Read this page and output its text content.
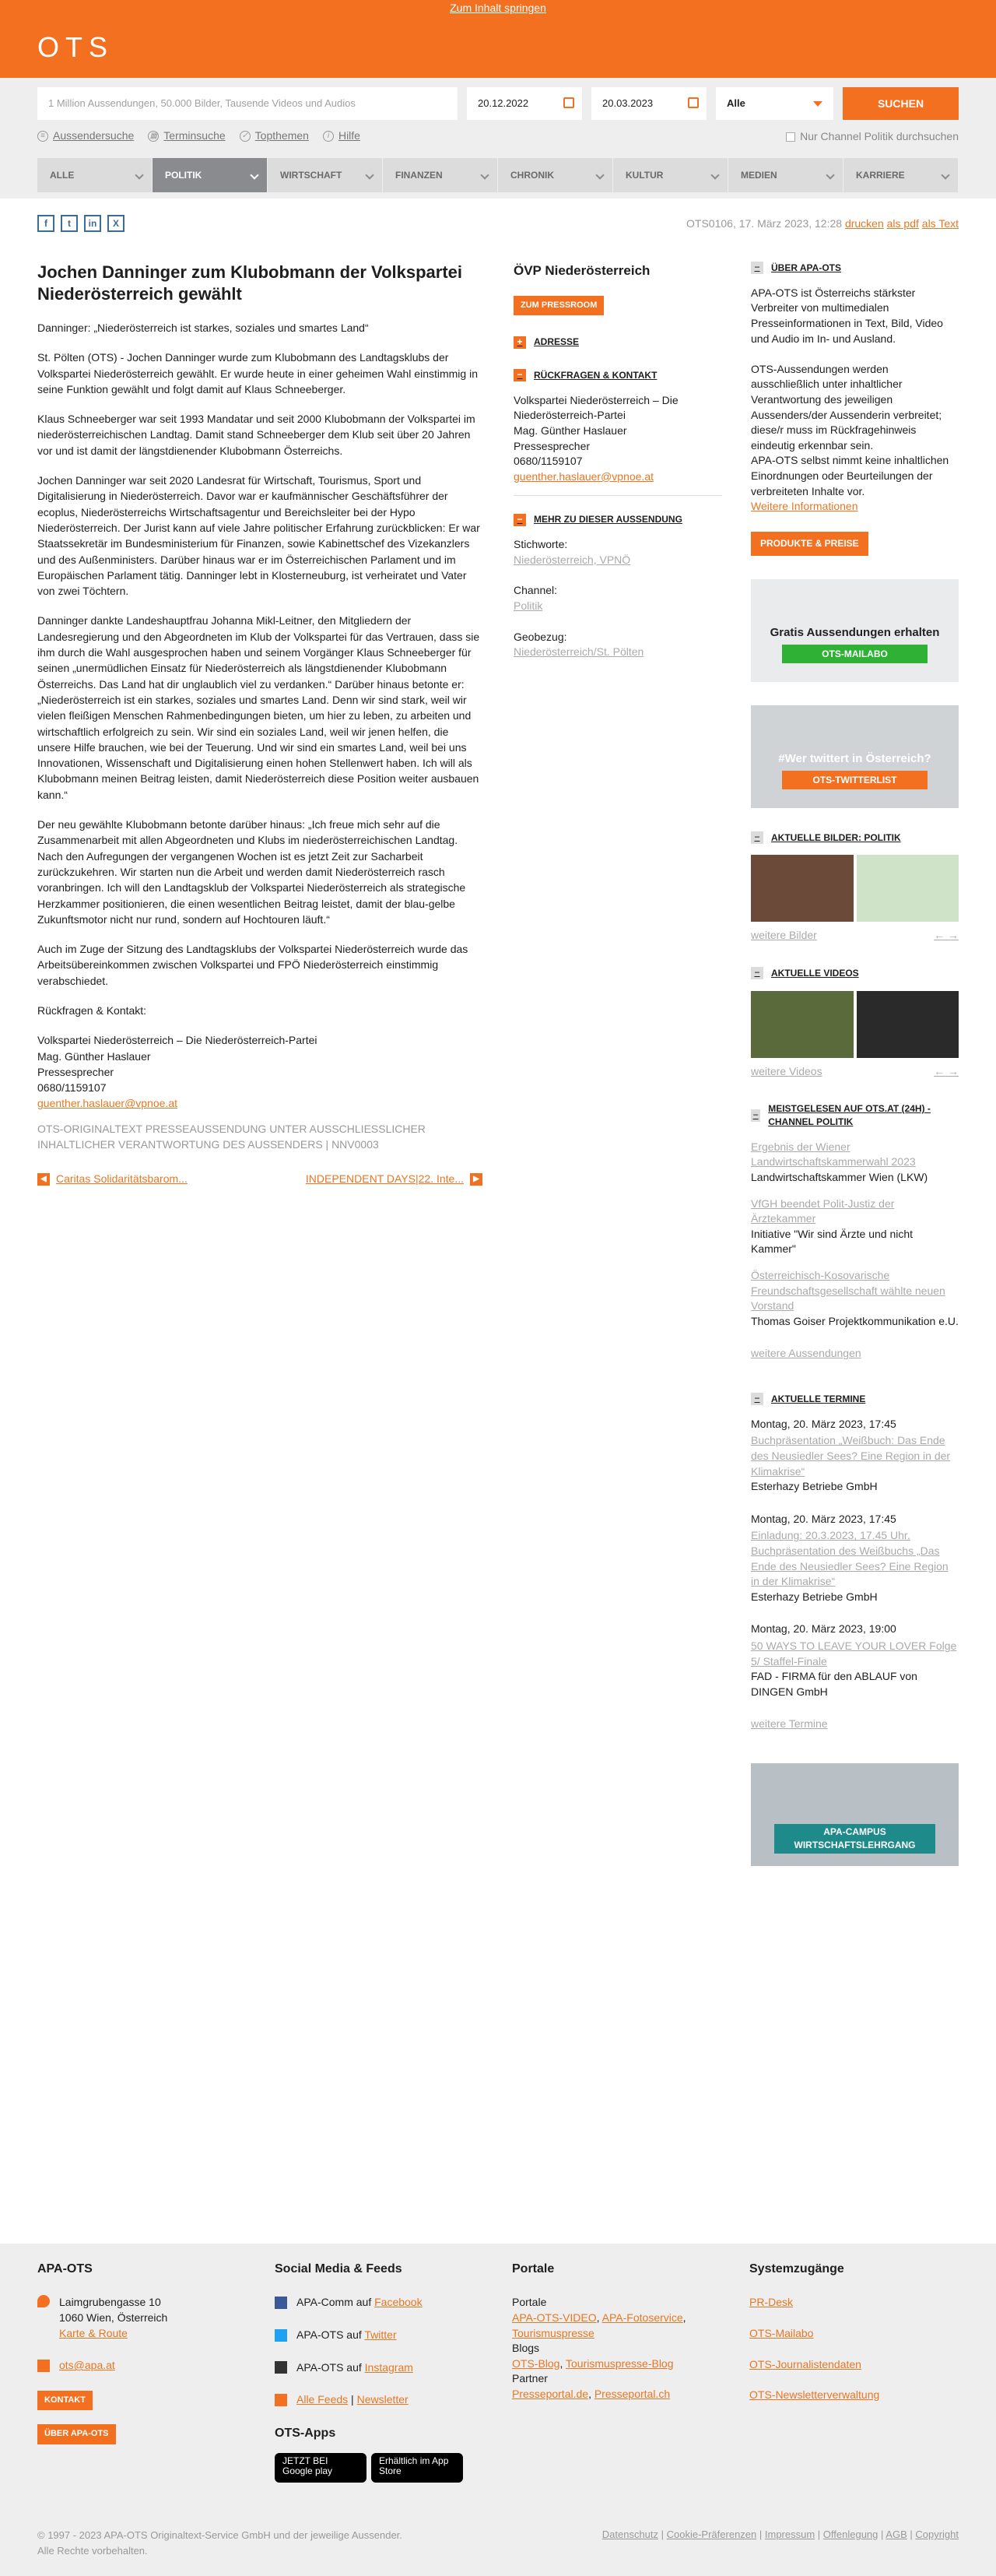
Zum Inhalt springen
OTS
1 Million Aussendungen, 50.000 Bilder, Tausende Videos und Audios	20.12.2022	20.03.2023	Alle	SUCHEN
≡ Aussendersuche ▦ Terminsuche ✓ Topthemen	i Hilfe	Nur Channel Politik durchsuchen
ALLE	POLITIK	WIRTSCHAFT	FINANZEN	CHRONIK	KULTUR	MEDIEN	KARRIERE
f	t	in	X	OTS0106, 17. März 2023, 12:28 drucken als pdf als Text
Jochen Danninger zum Klubobmann der Volkspartei Niederösterreich gewählt

Danninger: „Niederösterreich ist starkes, soziales und smartes Land“

St. Pölten (OTS) - Jochen Danninger wurde zum Klubobmann des Landtagsklubs der Volkspartei Niederösterreich gewählt. Er wurde heute in einer geheimen Wahl einstimmig in seine Funktion gewählt und folgt damit auf Klaus Schneeberger.

Klaus Schneeberger war seit 1993 Mandatar und seit 2000 Klubobmann der Volkspartei im niederösterreichischen Landtag. Damit stand Schneeberger dem Klub seit über 20 Jahren vor und ist damit der längstdienender Klubobmann Österreichs.

Jochen Danninger war seit 2020 Landesrat für Wirtschaft, Tourismus, Sport und Digitalisierung in Niederösterreich. Davor war er kaufmännischer Geschäftsführer der ecoplus, Niederösterreichs Wirtschaftsagentur und Bereichsleiter bei der Hypo Niederösterreich. Der Jurist kann auf viele Jahre politischer Erfahrung zurückblicken: Er war Staatssekretär im Bundesministerium für Finanzen, sowie Kabinettschef des Vizekanzlers und des Außenministers. Darüber hinaus war er im Österreichischen Parlament und im Europäischen Parlament tätig. Danninger lebt in Klosterneuburg, ist verheiratet und Vater von zwei Töchtern.

Danninger dankte Landeshauptfrau Johanna Mikl-Leitner, den Mitgliedern der Landesregierung und den Abgeordneten im Klub der Volkspartei für das Vertrauen, dass sie ihm durch die Wahl ausgesprochen haben und seinem Vorgänger Klaus Schneeberger für seinen „unermüdlichen Einsatz für Niederösterreich als längstdienender Klubobmann Österreichs. Das Land hat dir unglaublich viel zu verdanken.“ Darüber hinaus betonte er: „Niederösterreich ist ein starkes, soziales und smartes Land. Denn wir sind stark, weil wir vielen fleißigen Menschen Rahmenbedingungen bieten, um hier zu leben, zu arbeiten und wirtschaftlich erfolgreich zu sein. Wir sind ein soziales Land, weil wir jenen helfen, die unsere Hilfe brauchen, wie bei der Teuerung. Und wir sind ein smartes Land, weil bei uns Innovationen, Wissenschaft und Digitalisierung einen hohen Stellenwert haben. Ich will als Klubobmann meinen Beitrag leisten, damit Niederösterreich diese Position weiter ausbauen kann.“

Der neu gewählte Klubobmann betonte darüber hinaus: „Ich freue mich sehr auf die Zusammenarbeit mit allen Abgeordneten und Klubs im niederösterreichischen Landtag. Nach den Aufregungen der vergangenen Wochen ist es jetzt Zeit zur Sacharbeit zurückzukehren. Wir starten nun die Arbeit und werden damit Niederösterreich rasch voranbringen. Ich will den Landtagsklub der Volkspartei Niederösterreich als strategische Herzkammer positionieren, die einen wesentlichen Beitrag leistet, damit der blau-gelbe Zukunftsmotor nicht nur rund, sondern auf Hochtouren läuft.“

Auch im Zuge der Sitzung des Landtagsklubs der Volkspartei Niederösterreich wurde das Arbeitsübereinkommen zwischen Volkspartei und FPÖ Niederösterreich einstimmig verabschiedet.

Rückfragen & Kontakt:

Volkspartei Niederösterreich – Die Niederösterreich-Partei
Mag. Günther Haslauer
Pressesprecher
0680/1159107

guenther.haslauer@vpnoe.at

OTS-ORIGINALTEXT PRESSEAUSSENDUNG UNTER AUSSCHLIESSLICHER INHALTLICHER VERANTWORTUNG DES AUSSENDERS | NNV0003

◀ Caritas Solidaritätsbarom...	INDEPENDENT DAYS|22. Inte...	▶
ÖVP Niederösterreich
ZUM PRESSROOM
+	ADRESSE
−	RÜCKFRAGEN & KONTAKT
Volkspartei Niederösterreich – Die Niederösterreich-Partei
Mag. Günther Haslauer
Pressesprecher
0680/1159107
guenther.haslauer@vpnoe.at
−	MEHR ZU DIESER AUSSENDUNG
Stichworte:
Niederösterreich, VPNÖ
Channel:
Politik
Geobezug:
Niederösterreich/St. Pölten
−	ÜBER APA-OTS
APA-OTS ist Österreichs stärkster Verbreiter von multimedialen Presseinformationen in Text, Bild, Video und Audio im In- und Ausland.

OTS-Aussendungen werden ausschließlich unter inhaltlicher Verantwortung des jeweiligen Aussenders/der Aussenderin verbreitet; diese/r muss im Rückfragehinweis eindeutig erkennbar sein.
APA-OTS selbst nimmt keine inhaltlichen Einordnungen oder Beurteilungen der verbreiteten Inhalte vor.
Weitere Informationen
PRODUKTE & PREISE
Gratis Aussendungen erhalten
OTS-MAILABO
#Wer twittert in Österreich?
OTS-TWITTERLIST
−	AKTUELLE BILDER: POLITIK
weitere Bilder	← →
−	AKTUELLE VIDEOS
weitere Videos	← →
−
MEISTGELESEN AUF OTS.AT (24H) - CHANNEL POLITIK
Ergebnis der Wiener Landwirtschaftskammerwahl 2023
Landwirtschaftskammer Wien (LKW)
VfGH beendet Polit-Justiz der Ärztekammer
Initiative "Wir sind Ärzte und nicht Kammer"
Österreichisch-Kosovarische Freundschaftsgesellschaft wählte neuen Vorstand
Thomas Goiser Projektkommunikation e.U.
weitere Aussendungen
−	AKTUELLE TERMINE
Montag, 20. März 2023, 17:45
Buchpräsentation „Weißbuch: Das Ende des Neusiedler Sees? Eine Region in der Klimakrise“
Esterhazy Betriebe GmbH
Montag, 20. März 2023, 17:45
Einladung: 20.3.2023, 17.45 Uhr, Buchpräsentation des Weißbuchs „Das Ende des Neusiedler Sees? Eine Region in der Klimakrise“
Esterhazy Betriebe GmbH
Montag, 20. März 2023, 19:00
50 WAYS TO LEAVE YOUR LOVER Folge 5/ Staffel-Finale
FAD - FIRMA für den ABLAUF von DINGEN GmbH
weitere Termine
APA-CAMPUS WIRTSCHAFTSLEHRGANG
APA-OTS
Laimgrubengasse 10
1060 Wien, Österreich
Karte & Route
ots@apa.at
KONTAKT
ÜBER APA-OTS
Social Media & Feeds
APA-Comm auf Facebook
APA-OTS auf Twitter
APA-OTS auf Instagram
Alle Feeds | Newsletter
OTS-Apps
JETZT BEI Google playErhältlich im App Store
Portale
Portale
APA-OTS-VIDEO, APA-Fotoservice,
Tourismuspresse
Blogs
OTS-Blog, Tourismuspresse-Blog
Partner
Presseportal.de, Presseportal.ch
Systemzugänge
PR-Desk
OTS-Mailabo
OTS-Journalistendaten
OTS-Newsletterverwaltung
© 1997 - 2023 APA-OTS Originaltext-Service GmbH und der jeweilige Aussender.
Alle Rechte vorbehalten.
Datenschutz | Cookie-Präferenzen | Impressum | Offenlegung | AGB | Copyright
